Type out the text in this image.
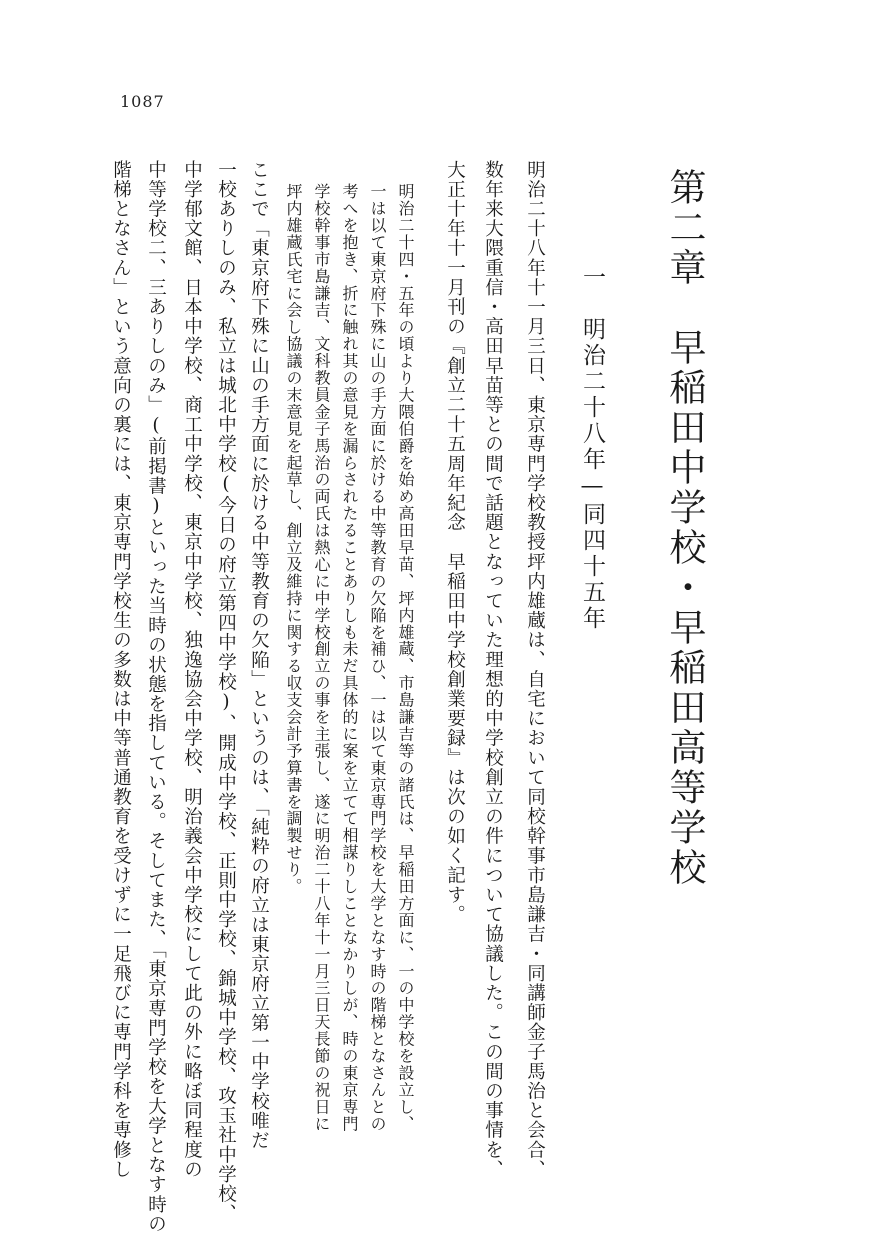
1087
第二章　早稲田中学校・早稲田高等学校
一　明治二十八年—同四十五年
明治二十八年十一月三日、東京専門学校教授坪内雄蔵は、自宅において同校幹事市島謙吉・同講師金子馬治と会合、
数年来大隈重信・高田早苗等との間で話題となっていた理想的中学校創立の件について協議した。この間の事情を、
大正十年十一月刊の『創立二十五周年紀念　早稲田中学校創業要録』は次の如く記す。
明治二十四・五年の頃より大隈伯爵を始め高田早苗、坪内雄蔵、市島謙吉等の諸氏は、早稲田方面に、一の中学校を設立し、
一は以て東京府下殊に山の手方面に於ける中等教育の欠陥を補ひ、一は以て東京専門学校を大学となす時の階梯となさんとの
考へを抱き、折に触れ其の意見を漏らされたることありしも未だ具体的に案を立てて相謀りしことなかりしが、時の東京専門
学校幹事市島謙吉、文科教員金子馬治の両氏は熱心に中学校創立の事を主張し、遂に明治二十八年十一月三日天長節の祝日に
坪内雄蔵氏宅に会し協議の末意見を起草し、創立及維持に関する収支会計予算書を調製せり。
ここで「東京府下殊に山の手方面に於ける中等教育の欠陥」というのは、「純粋の府立は東京府立第一中学校唯だ
一校ありしのみ、私立は城北中学校(今日の府立第四中学校)、開成中学校、正則中学校、錦城中学校、攻玉社中学校、
中学郁文館、日本中学校、商工中学校、東京中学校、独逸協会中学校、明治義会中学校にして此の外に略ぼ同程度の
中等学校二、三ありしのみ」(前掲書)といった当時の状態を指している。そしてまた、「東京専門学校を大学となす時の
階梯となさん」という意向の裏には、東京専門学校生の多数は中等普通教育を受けずに一足飛びに専門学科を専修し
